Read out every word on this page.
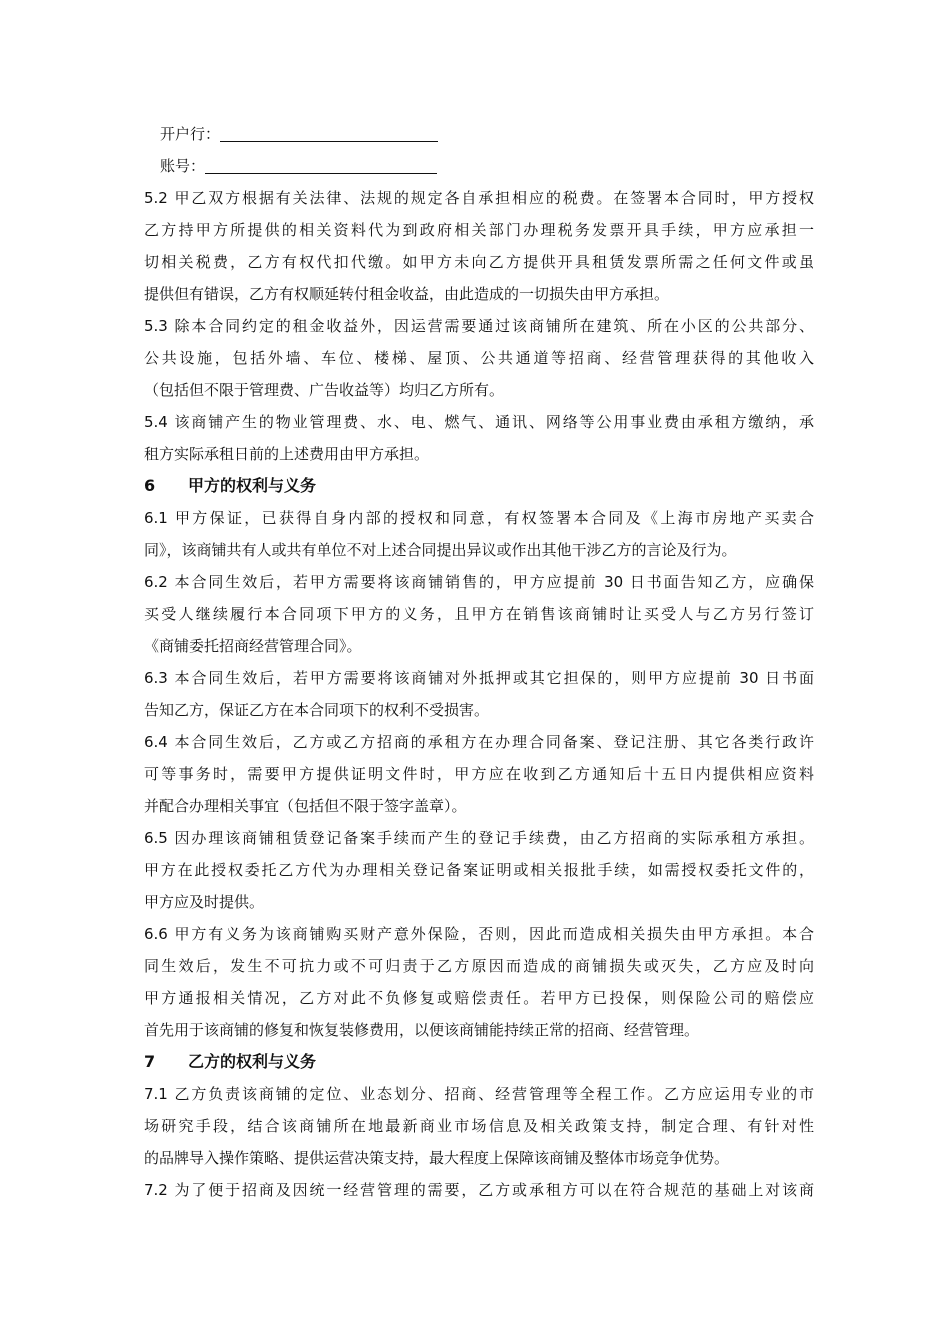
开户行：
账号：
5.2 甲乙双方根据有关法律、法规的规定各自承担相应的税费。在签署本合同时，甲方授权
乙方持甲方所提供的相关资料代为到政府相关部门办理税务发票开具手续，甲方应承担一
切相关税费，乙方有权代扣代缴。如甲方未向乙方提供开具租赁发票所需之任何文件或虽
提供但有错误，乙方有权顺延转付租金收益，由此造成的一切损失由甲方承担。
5.3 除本合同约定的租金收益外，因运营需要通过该商铺所在建筑、所在小区的公共部分、
公共设施，包括外墙、车位、楼梯、屋顶、公共通道等招商、经营管理获得的其他收入
（包括但不限于管理费、广告收益等）均归乙方所有。
5.4 该商铺产生的物业管理费、水、电、燃气、通讯、网络等公用事业费由承租方缴纳，承
租方实际承租日前的上述费用由甲方承担。
6 甲方的权利与义务
6.1 甲方保证，已获得自身内部的授权和同意，有权签署本合同及《上海市房地产买卖合
同》，该商铺共有人或共有单位不对上述合同提出异议或作出其他干涉乙方的言论及行为。
6.2 本合同生效后，若甲方需要将该商铺销售的，甲方应提前 30 日书面告知乙方，应确保
买受人继续履行本合同项下甲方的义务，且甲方在销售该商铺时让买受人与乙方另行签订
《商铺委托招商经营管理合同》。
6.3 本合同生效后，若甲方需要将该商铺对外抵押或其它担保的，则甲方应提前 30 日书面
告知乙方，保证乙方在本合同项下的权利不受损害。
6.4 本合同生效后，乙方或乙方招商的承租方在办理合同备案、登记注册、其它各类行政许
可等事务时，需要甲方提供证明文件时，甲方应在收到乙方通知后十五日内提供相应资料
并配合办理相关事宜（包括但不限于签字盖章）。
6.5 因办理该商铺租赁登记备案手续而产生的登记手续费，由乙方招商的实际承租方承担。
甲方在此授权委托乙方代为办理相关登记备案证明或相关报批手续，如需授权委托文件的，
甲方应及时提供。
6.6 甲方有义务为该商铺购买财产意外保险，否则，因此而造成相关损失由甲方承担。本合
同生效后，发生不可抗力或不可归责于乙方原因而造成的商铺损失或灭失，乙方应及时向
甲方通报相关情况，乙方对此不负修复或赔偿责任。若甲方已投保，则保险公司的赔偿应
首先用于该商铺的修复和恢复装修费用，以便该商铺能持续正常的招商、经营管理。
7 乙方的权利与义务
7.1 乙方负责该商铺的定位、业态划分、招商、经营管理等全程工作。乙方应运用专业的市
场研究手段，结合该商铺所在地最新商业市场信息及相关政策支持，制定合理、有针对性
的品牌导入操作策略、提供运营决策支持，最大程度上保障该商铺及整体市场竞争优势。
7.2 为了便于招商及因统一经营管理的需要，乙方或承租方可以在符合规范的基础上对该商
